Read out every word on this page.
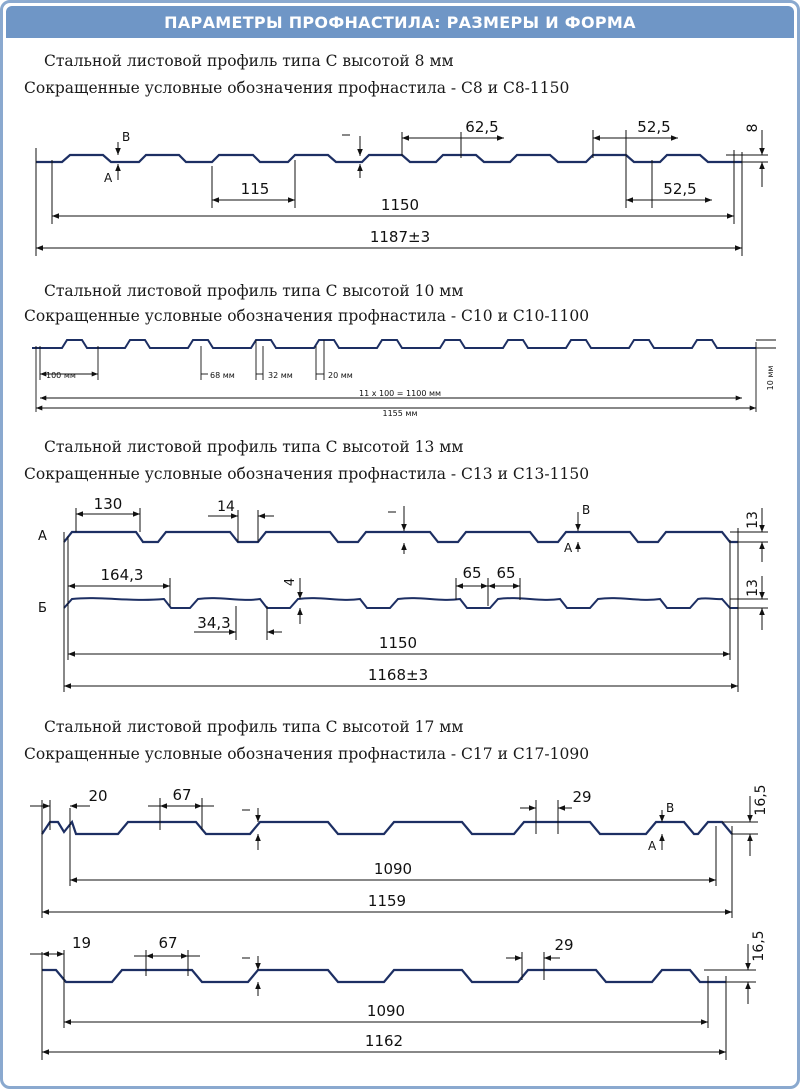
ПАРАМЕТРЫ ПРОФНАСТИЛА: РАЗМЕРЫ И ФОРМА
Стальной листовой профиль типа С высотой 8 мм
Сокращенные условные обозначения профнастила - С8 и С8-1150
Стальной листовой профиль типа С высотой 10 мм
Сокращенные условные обозначения профнастила - С10 и С10-1100
Стальной листовой профиль типа С высотой 13 мм
Сокращенные условные обозначения профнастила - С13 и С13-1150
Стальной листовой профиль типа С высотой 17 мм
Сокращенные условные обозначения профнастила - С17 и С17-1090
62,5	52,5
52,5
115
1150
1187±3
8
А
В
100 мм	68 мм	32 мм	20 мм
11 x 100 = 1100 мм
1155 мм
10 мм
А
Б
130	14
164,3
34,3
4	65 65
1150
1168±3
13
13
А
В
20	67	29	16,5
1090
1159
А
В
19	67	29	16,5
1090
1162
